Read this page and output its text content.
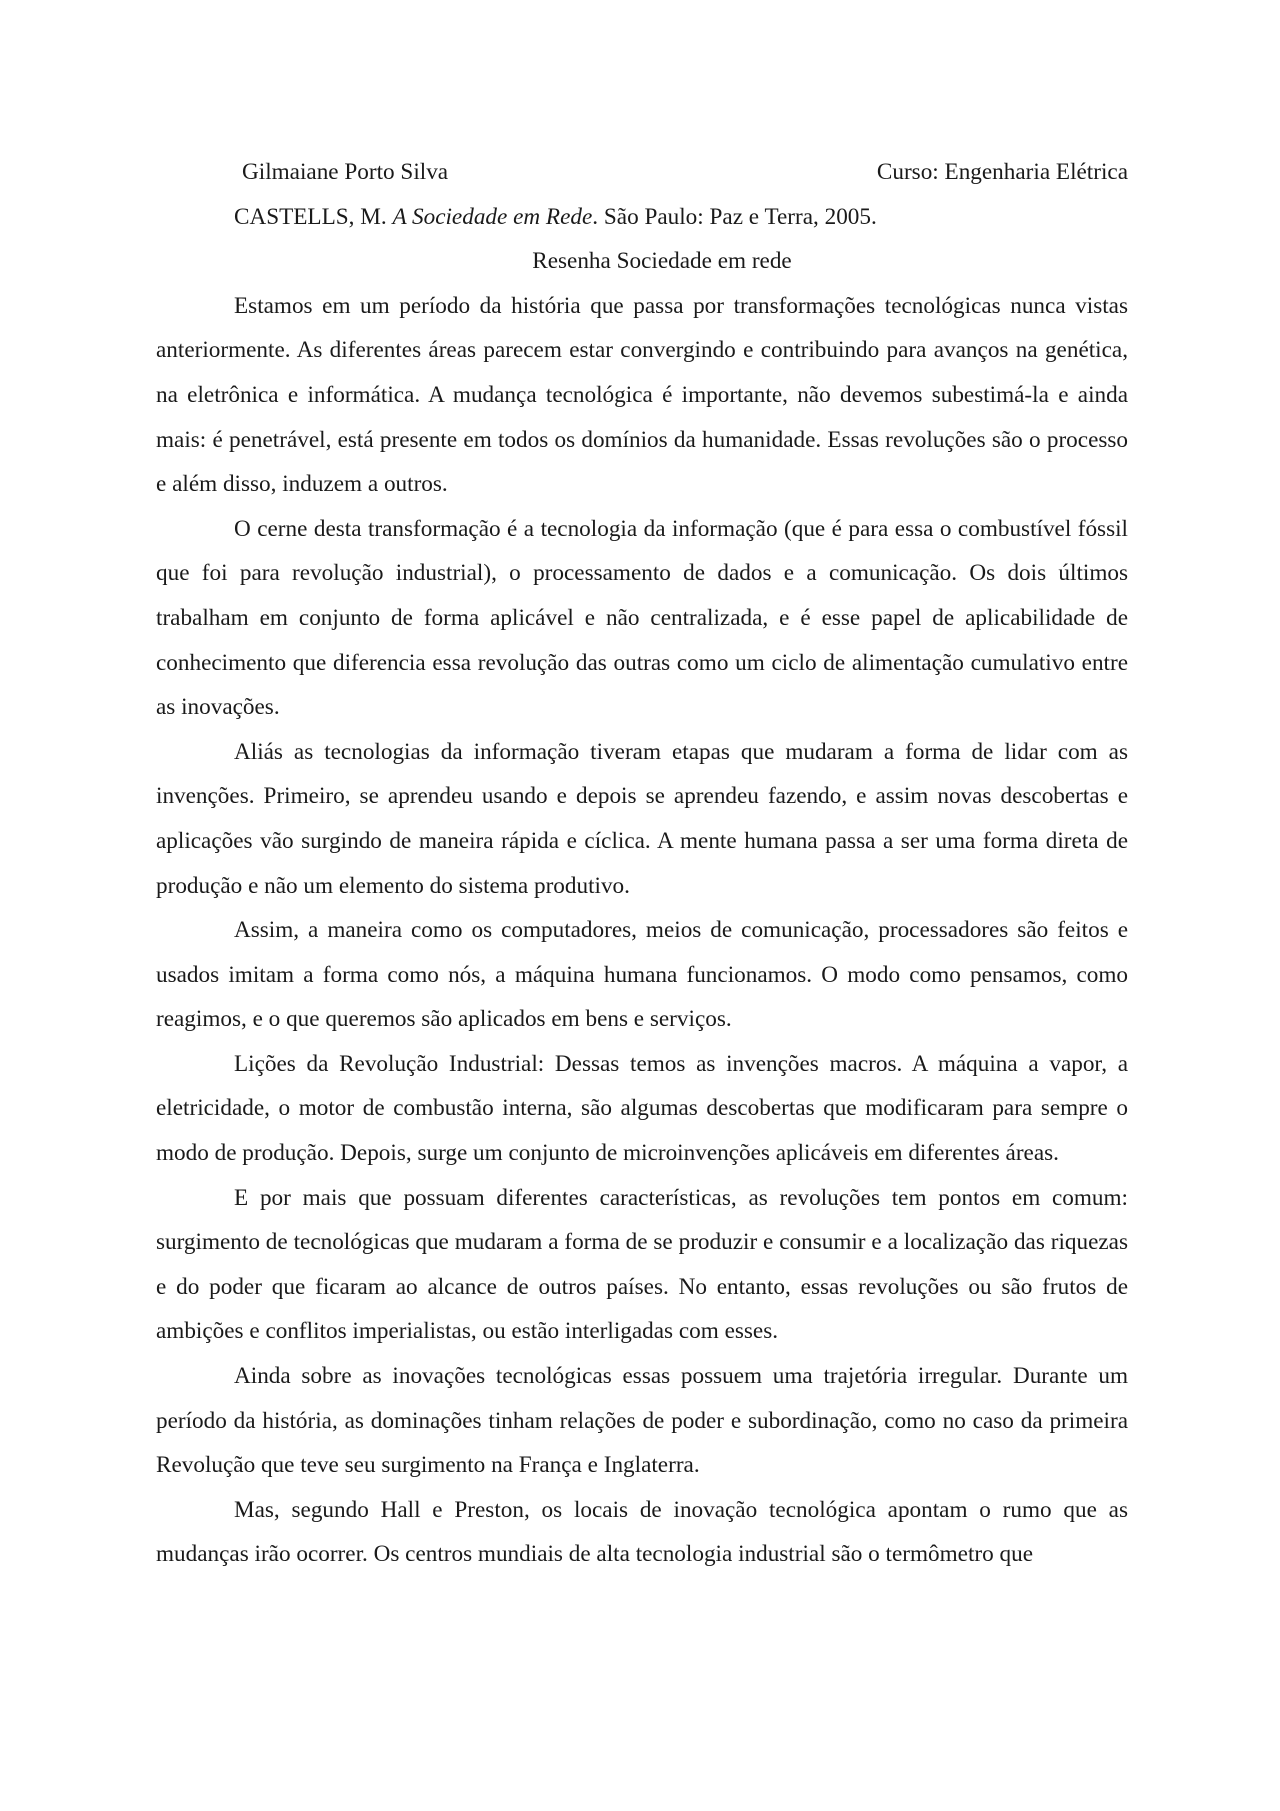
Gilmaiane Porto Silva	Curso: Engenharia Elétrica
CASTELLS, M. A Sociedade em Rede. São Paulo: Paz e Terra, 2005.
Resenha Sociedade em rede

Estamos em um período da história que passa por transformações tecnológicas nunca vistas anteriormente. As diferentes áreas parecem estar convergindo e contribuindo para avanços na genética, na eletrônica e informática. A mudança tecnológica é importante, não devemos subestimá-la e ainda mais: é penetrável, está presente em todos os domínios da humanidade. Essas revoluções são o processo e além disso, induzem a outros.

O cerne desta transformação é a tecnologia da informação (que é para essa o combustível fóssil que foi para revolução industrial), o processamento de dados e a comunicação. Os dois últimos trabalham em conjunto de forma aplicável e não centralizada, e é esse papel de aplicabilidade de conhecimento que diferencia essa revolução das outras como um ciclo de alimentação cumulativo entre as inovações.

Aliás as tecnologias da informação tiveram etapas que mudaram a forma de lidar com as invenções. Primeiro, se aprendeu usando e depois se aprendeu fazendo, e assim novas descobertas e aplicações vão surgindo de maneira rápida e cíclica. A mente humana passa a ser uma forma direta de produção e não um elemento do sistema produtivo.

Assim, a maneira como os computadores, meios de comunicação, processadores são feitos e usados imitam a forma como nós, a máquina humana funcionamos. O modo como pensamos, como reagimos, e o que queremos são aplicados em bens e serviços.

Lições da Revolução Industrial: Dessas temos as invenções macros. A máquina a vapor, a eletricidade, o motor de combustão interna, são algumas descobertas que modificaram para sempre o modo de produção. Depois, surge um conjunto de microinvenções aplicáveis em diferentes áreas.

E por mais que possuam diferentes características, as revoluções tem pontos em comum: surgimento de tecnológicas que mudaram a forma de se produzir e consumir e a localização das riquezas e do poder que ficaram ao alcance de outros países. No entanto, essas revoluções ou são frutos de ambições e conflitos imperialistas, ou estão interligadas com esses.

Ainda sobre as inovações tecnológicas essas possuem uma trajetória irregular. Durante um período da história, as dominações tinham relações de poder e subordinação, como no caso da primeira Revolução que teve seu surgimento na França e Inglaterra.

Mas, segundo Hall e Preston, os locais de inovação tecnológica apontam o rumo que as mudanças irão ocorrer. Os centros mundiais de alta tecnologia industrial são o termômetro que
